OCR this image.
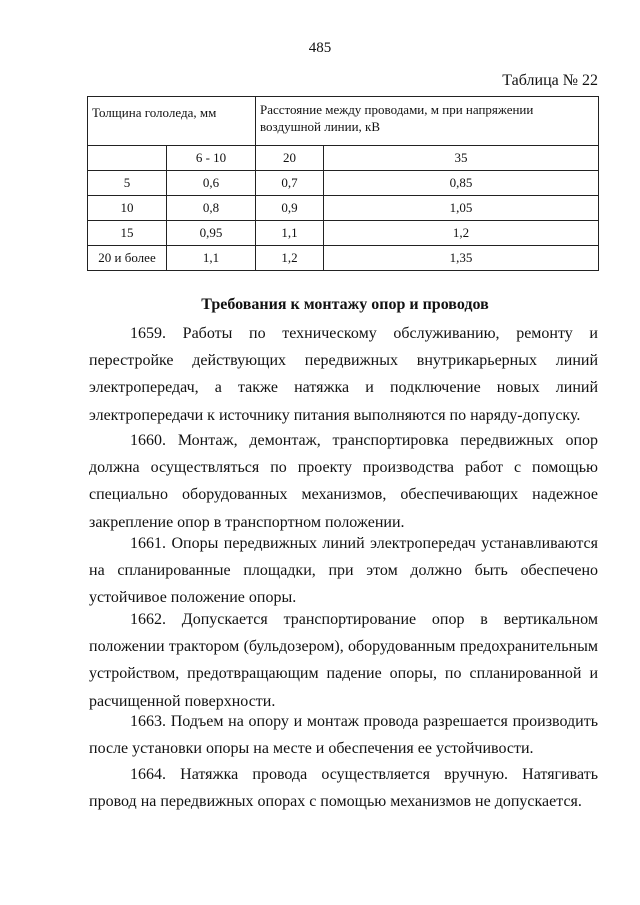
485
Таблица № 22
Толщина гололеда, мм		Расстояние между проводами, м при напряжении воздушной линии, кВ	
	6 - 10	20	35
5	0,6	0,7	0,85
10	0,8	0,9	1,05
15	0,95	1,1	1,2
20 и более	1,1	1,2	1,35
Требования к монтажу опор и проводов

1659. Работы по техническому обслуживанию, ремонту и перестройке действующих передвижных внутрикарьерных линий электропередач, а также натяжка и подключение новых линий электропередачи к источнику питания выполняются по наряду-допуску.

1660. Монтаж, демонтаж, транспортировка передвижных опор должна осуществляться по проекту производства работ с помощью специально оборудованных механизмов, обеспечивающих надежное закрепление опор в транспортном положении.

1661. Опоры передвижных линий электропередач устанавливаются на спланированные площадки, при этом должно быть обеспечено устойчивое положение опоры.

1662. Допускается транспортирование опор в вертикальном положении трактором (бульдозером), оборудованным предохранительным устройством, предотвращающим падение опоры, по спланированной и расчищенной поверхности.

1663. Подъем на опору и монтаж провода разрешается производить после установки опоры на месте и обеспечения ее устойчивости.

1664. Натяжка провода осуществляется вручную. Натягивать провод на передвижных опорах с помощью механизмов не допускается.
